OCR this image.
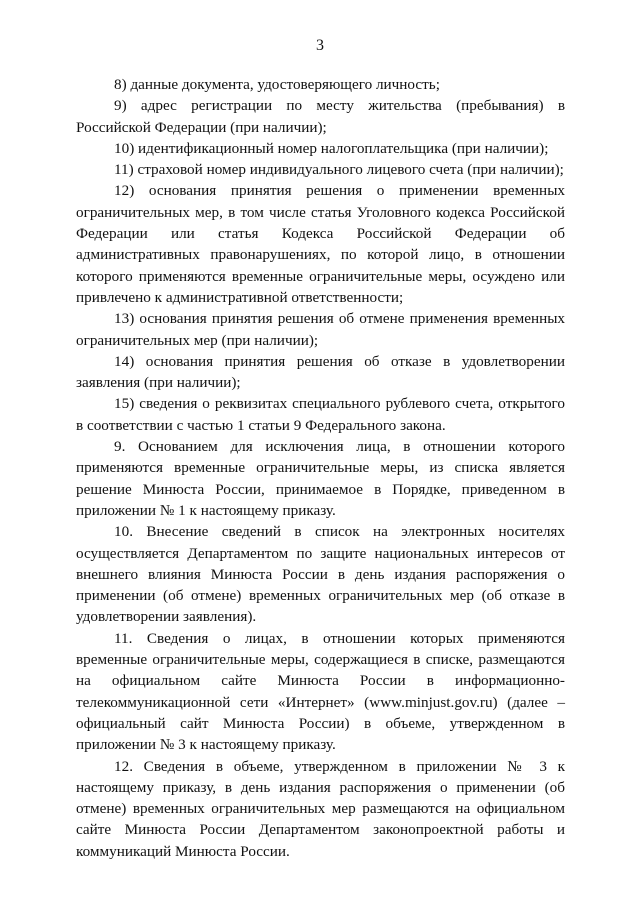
3

8) данные документа, удостоверяющего личность;

9) адрес регистрации по месту жительства (пребывания) в Российской Федерации (при наличии);

10) идентификационный номер налогоплательщика (при наличии);

11) страховой номер индивидуального лицевого счета (при наличии);

12) основания принятия решения о применении временных ограничительных мер, в том числе статья Уголовного кодекса Российской Федерации или статья Кодекса Российской Федерации об административных правонарушениях, по которой лицо, в отношении которого применяются временные ограничительные меры, осуждено или привлечено к административной ответственности;

13) основания принятия решения об отмене применения временных ограничительных мер (при наличии);

14) основания принятия решения об отказе в удовлетворении заявления (при наличии);

15) сведения о реквизитах специального рублевого счета, открытого в соответствии с частью 1 статьи 9 Федерального закона.

9. Основанием для исключения лица, в отношении которого применяются временные ограничительные меры, из списка является решение Минюста России, принимаемое в Порядке, приведенном в приложении № 1 к настоящему приказу.

10. Внесение сведений в список на электронных носителях осуществляется Департаментом по защите национальных интересов от внешнего влияния Минюста России в день издания распоряжения о применении (об отмене) временных ограничительных мер (об отказе в удовлетворении заявления).

11. Сведения о лицах, в отношении которых применяются временные ограничительные меры, содержащиеся в списке, размещаются на официальном сайте Минюста России в информационно-телекоммуникационной сети «Интернет» (www.minjust.gov.ru) (далее – официальный сайт Минюста России) в объеме, утвержденном в приложении № 3 к настоящему приказу.

12. Сведения в объеме, утвержденном в приложении № 3 к настоящему приказу, в день издания распоряжения о применении (об отмене) временных ограничительных мер размещаются на официальном сайте Минюста России Департаментом законопроектной работы и коммуникаций Минюста России.
